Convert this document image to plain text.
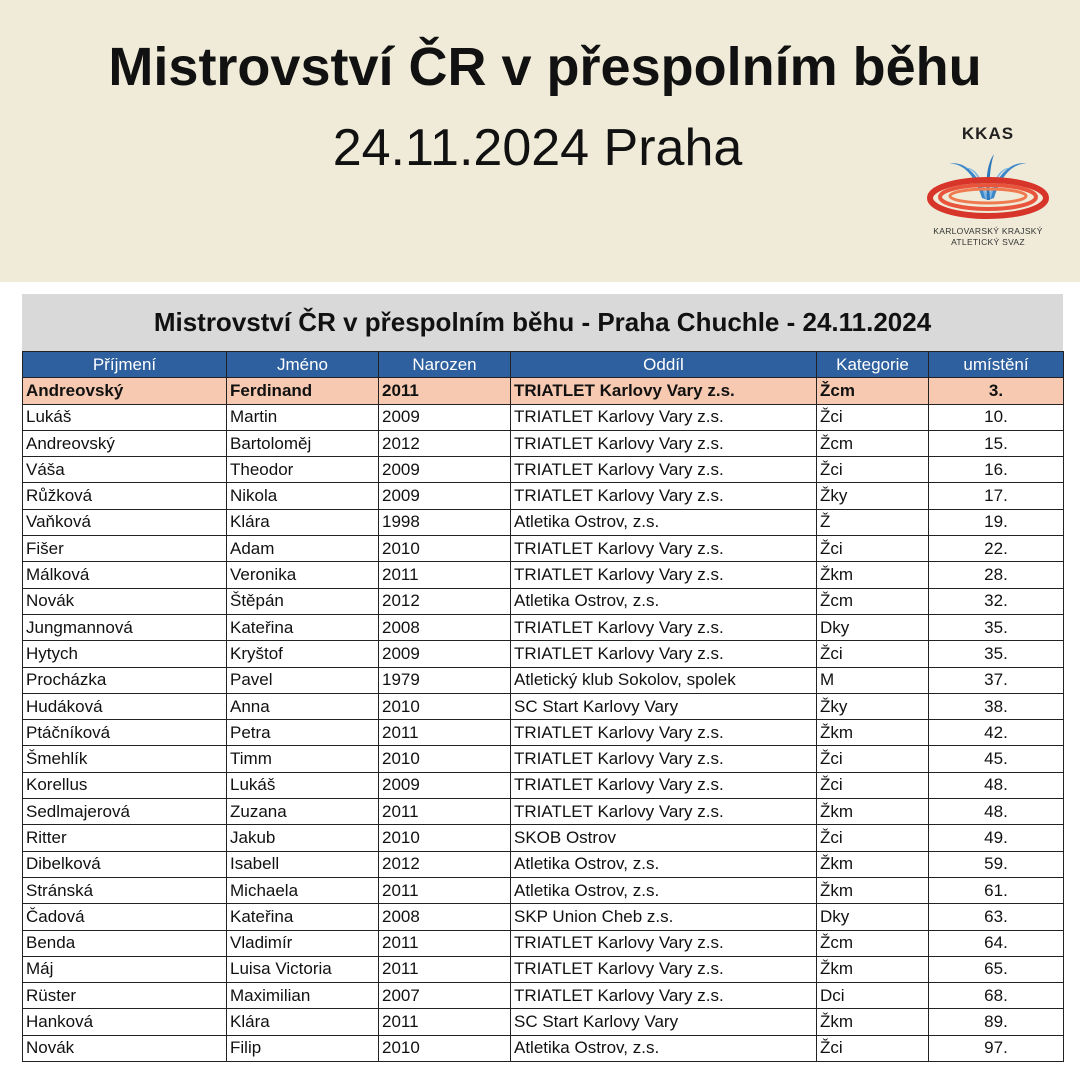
Mistrovství ČR v přespolním běhu
24.11.2024 Praha	KKAS
KARLOVARSKÝ KRAJSKÝ
ATLETICKÝ SVAZ
Mistrovství ČR v přespolním běhu - Praha Chuchle - 24.11.2024
Příjmení	Jméno	Narozen	Oddíl	Kategorie	umístění
Andreovský	Ferdinand	2011	TRIATLET Karlovy Vary z.s.	Žcm	3.
Lukáš	Martin	2009	TRIATLET Karlovy Vary z.s.	Žci	10.
Andreovský	Bartoloměj	2012	TRIATLET Karlovy Vary z.s.	Žcm	15.
Váša	Theodor	2009	TRIATLET Karlovy Vary z.s.	Žci	16.
Růžková	Nikola	2009	TRIATLET Karlovy Vary z.s.	Žky	17.
Vaňková	Klára	1998	Atletika Ostrov, z.s.	Ž	19.
Fišer	Adam	2010	TRIATLET Karlovy Vary z.s.	Žci	22.
Málková	Veronika	2011	TRIATLET Karlovy Vary z.s.	Žkm	28.
Novák	Štěpán	2012	Atletika Ostrov, z.s.	Žcm	32.
Jungmannová	Kateřina	2008	TRIATLET Karlovy Vary z.s.	Dky	35.
Hytych	Kryštof	2009	TRIATLET Karlovy Vary z.s.	Žci	35.
Procházka	Pavel	1979	Atletický klub Sokolov, spolek	M	37.
Hudáková	Anna	2010	SC Start Karlovy Vary	Žky	38.
Ptáčníková	Petra	2011	TRIATLET Karlovy Vary z.s.	Žkm	42.
Šmehlík	Timm	2010	TRIATLET Karlovy Vary z.s.	Žci	45.
Korellus	Lukáš	2009	TRIATLET Karlovy Vary z.s.	Žci	48.
Sedlmajerová	Zuzana	2011	TRIATLET Karlovy Vary z.s.	Žkm	48.
Ritter	Jakub	2010	SKOB Ostrov	Žci	49.
Dibelková	Isabell	2012	Atletika Ostrov, z.s.	Žkm	59.
Stránská	Michaela	2011	Atletika Ostrov, z.s.	Žkm	61.
Čadová	Kateřina	2008	SKP Union Cheb z.s.	Dky	63.
Benda	Vladimír	2011	TRIATLET Karlovy Vary z.s.	Žcm	64.
Máj	Luisa Victoria	2011	TRIATLET Karlovy Vary z.s.	Žkm	65.
Rüster	Maximilian	2007	TRIATLET Karlovy Vary z.s.	Dci	68.
Hanková	Klára	2011	SC Start Karlovy Vary	Žkm	89.
Novák	Filip	2010	Atletika Ostrov, z.s.	Žci	97.
